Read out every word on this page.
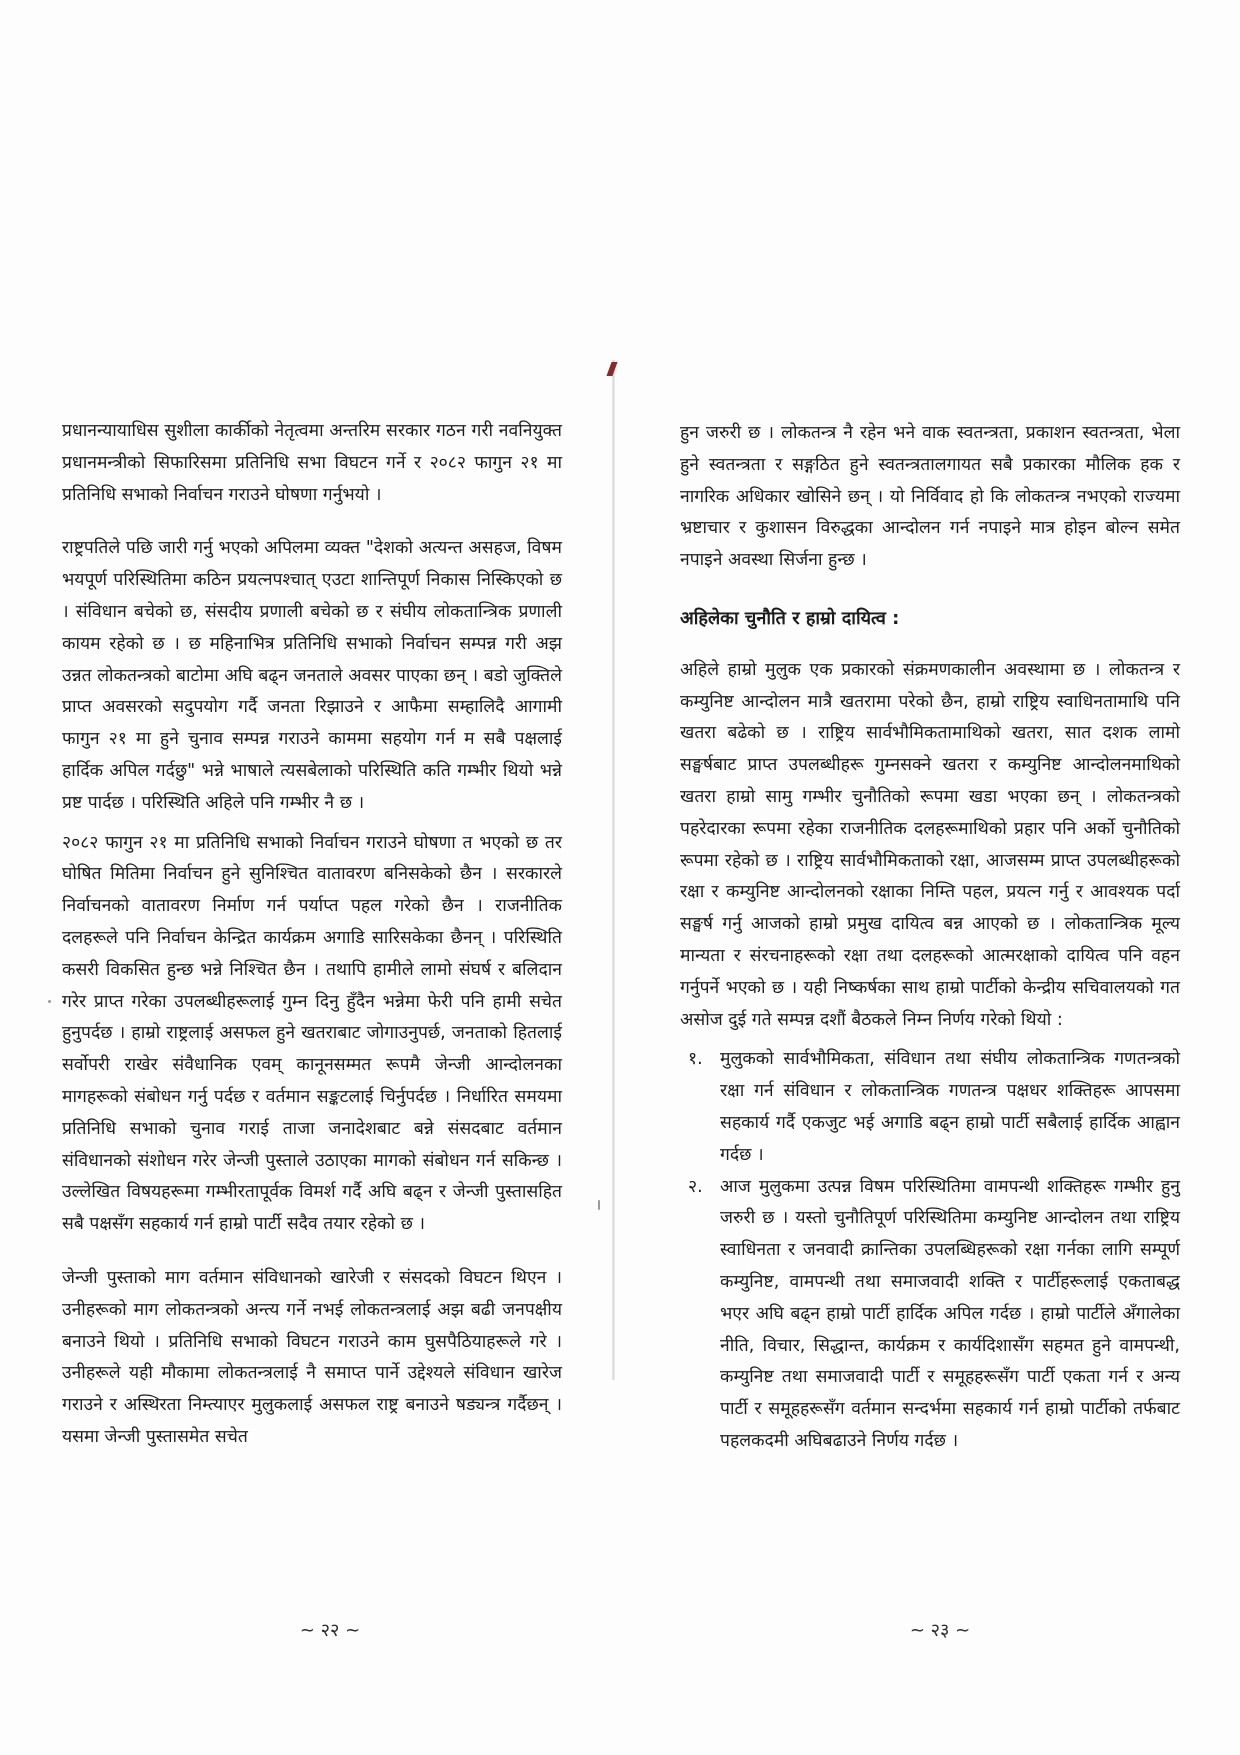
प्रधानन्यायाधिस सुशीला कार्कीको नेतृत्वमा अन्तरिम सरकार गठन गरी नवनियुक्त प्रधानमन्त्रीको सिफारिसमा प्रतिनिधि सभा विघटन गर्ने र २०८२ फागुन २१ मा प्रतिनिधि सभाको निर्वाचन गराउने घोषणा गर्नुभयो ।

राष्ट्रपतिले पछि जारी गर्नु भएको अपिलमा व्यक्त "देशको अत्यन्त असहज, विषम भयपूर्ण परिस्थितिमा कठिन प्रयत्नपश्चात् एउटा शान्तिपूर्ण निकास निस्किएको छ । संविधान बचेको छ, संसदीय प्रणाली बचेको छ र संघीय लोकतान्त्रिक प्रणाली कायम रहेको छ । छ महिनाभित्र प्रतिनिधि सभाको निर्वाचन सम्पन्न गरी अझ उन्नत लोकतन्त्रको बाटोमा अघि बढ्न जनताले अवसर पाएका छन् । बडो जुक्तिले प्राप्त अवसरको सदुपयोग गर्दै जनता रिझाउने र आफैमा सम्हालिदै आगामी फागुन २१ मा हुने चुनाव सम्पन्न गराउने काममा सहयोग गर्न म सबै पक्षलाई हार्दिक अपिल गर्दछु" भन्ने भाषाले त्यसबेलाको परिस्थिति कति गम्भीर थियो भन्ने प्रष्ट पार्दछ । परिस्थिति अहिले पनि गम्भीर नै छ ।

२०८२ फागुन २१ मा प्रतिनिधि सभाको निर्वाचन गराउने घोषणा त भएको छ तर घोषित मितिमा निर्वाचन हुने सुनिश्चित वातावरण बनिसकेको छैन । सरकारले निर्वाचनको वातावरण निर्माण गर्न पर्याप्त पहल गरेको छैन । राजनीतिक दलहरूले पनि निर्वाचन केन्द्रित कार्यक्रम अगाडि सारिसकेका छैनन् । परिस्थिति कसरी विकसित हुन्छ भन्ने निश्चित छैन । तथापि हामीले लामो संघर्ष र बलिदान गरेर प्राप्त गरेका उपलब्धीहरूलाई गुम्न दिनु हुँदैन भन्नेमा फेरी पनि हामी सचेत हुनुपर्दछ । हाम्रो राष्ट्रलाई असफल हुने खतराबाट जोगाउनुपर्छ, जनताको हितलाई सर्वोपरी राखेर संवैधानिक एवम् कानूनसम्मत रूपमै जेन्जी आन्दोलनका मागहरूको संबोधन गर्नु पर्दछ र वर्तमान सङ्कटलाई चिर्नुपर्दछ । निर्धारित समयमा प्रतिनिधि सभाको चुनाव गराई ताजा जनादेशबाट बन्ने संसदबाट वर्तमान संविधानको संशोधन गरेर जेन्जी पुस्ताले उठाएका मागको संबोधन गर्न सकिन्छ । उल्लेखित विषयहरूमा गम्भीरतापूर्वक विमर्श गर्दै अघि बढ्न र जेन्जी पुस्तासहित सबै पक्षसँग सहकार्य गर्न हाम्रो पार्टी सदैव तयार रहेको छ ।

जेन्जी पुस्ताको माग वर्तमान संविधानको खारेजी र संसदको विघटन थिएन । उनीहरूको माग लोकतन्त्रको अन्त्य गर्ने नभई लोकतन्त्रलाई अझ बढी जनपक्षीय बनाउने थियो । प्रतिनिधि सभाको विघटन गराउने काम घुसपैठियाहरूले गरे । उनीहरूले यही मौकामा लोकतन्त्रलाई नै समाप्त पार्ने उद्देश्यले संविधान खारेज गराउने र अस्थिरता निम्त्याएर मुलुकलाई असफल राष्ट्र बनाउने षड्यन्त्र गर्दैछन् । यसमा जेन्जी पुस्तासमेत सचेत

~ २२ ~

हुन जरुरी छ । लोकतन्त्र नै रहेन भने वाक स्वतन्त्रता, प्रकाशन स्वतन्त्रता, भेला हुने स्वतन्त्रता र सङ्गठित हुने स्वतन्त्रतालगायत सबै प्रकारका मौलिक हक र नागरिक अधिकार खोसिने छन् । यो निर्विवाद हो कि लोकतन्त्र नभएको राज्यमा भ्रष्टाचार र कुशासन विरुद्धका आन्दोलन गर्न नपाइने मात्र होइन बोल्न समेत नपाइने अवस्था सिर्जना हुन्छ ।

अहिलेका चुनौति र हाम्रो दायित्व :

अहिले हाम्रो मुलुक एक प्रकारको संक्रमणकालीन अवस्थामा छ । लोकतन्त्र र कम्युनिष्ट आन्दोलन मात्रै खतरामा परेको छैन, हाम्रो राष्ट्रिय स्वाधिनतामाथि पनि खतरा बढेको छ । राष्ट्रिय सार्वभौमिकतामाथिको खतरा, सात दशक लामो सङ्घर्षबाट प्राप्त उपलब्धीहरू गुम्नसक्ने खतरा र कम्युनिष्ट आन्दोलनमाथिको खतरा हाम्रो सामु गम्भीर चुनौतिको रूपमा खडा भएका छन् । लोकतन्त्रको पहरेदारका रूपमा रहेका राजनीतिक दलहरूमाथिको प्रहार पनि अर्को चुनौतिको रूपमा रहेको छ । राष्ट्रिय सार्वभौमिकताको रक्षा, आजसम्म प्राप्त उपलब्धीहरूको रक्षा र कम्युनिष्ट आन्दोलनको रक्षाका निम्ति पहल, प्रयत्न गर्नु र आवश्यक पर्दा सङ्घर्ष गर्नु आजको हाम्रो प्रमुख दायित्व बन्न आएको छ । लोकतान्त्रिक मूल्य मान्यता र संरचनाहरूको रक्षा तथा दलहरूको आत्मरक्षाको दायित्व पनि वहन गर्नुपर्ने भएको छ । यही निष्कर्षका साथ हाम्रो पार्टीको केन्द्रीय सचिवालयको गत असोज दुई गते सम्पन्न दशौं बैठकले निम्न निर्णय गरेको थियो :

१. मुलुकको सार्वभौमिकता, संविधान तथा संघीय लोकतान्त्रिक गणतन्त्रको रक्षा गर्न संविधान र लोकतान्त्रिक गणतन्त्र पक्षधर शक्तिहरू आपसमा सहकार्य गर्दै एकजुट भई अगाडि बढ्न हाम्रो पार्टी सबैलाई हार्दिक आह्वान गर्दछ ।
२. आज मुलुकमा उत्पन्न विषम परिस्थितिमा वामपन्थी शक्तिहरू गम्भीर हुनु जरुरी छ । यस्तो चुनौतिपूर्ण परिस्थितिमा कम्युनिष्ट आन्दोलन तथा राष्ट्रिय स्वाधिनता र जनवादी क्रान्तिका उपलब्धिहरूको रक्षा गर्नका लागि सम्पूर्ण कम्युनिष्ट, वामपन्थी तथा समाजवादी शक्ति र पार्टीहरूलाई एकताबद्ध भएर अघि बढ्न हाम्रो पार्टी हार्दिक अपिल गर्दछ । हाम्रो पार्टीले अँगालेका नीति, विचार, सिद्धान्त, कार्यक्रम र कार्यदिशासँग सहमत हुने वामपन्थी, कम्युनिष्ट तथा समाजवादी पार्टी र समूहहरूसँग पार्टी एकता गर्न र अन्य पार्टी र समूहहरूसँग वर्तमान सन्दर्भमा सहकार्य गर्न हाम्रो पार्टीको तर्फबाट पहलकदमी अघिबढाउने निर्णय गर्दछ ।
~ २३ ~
